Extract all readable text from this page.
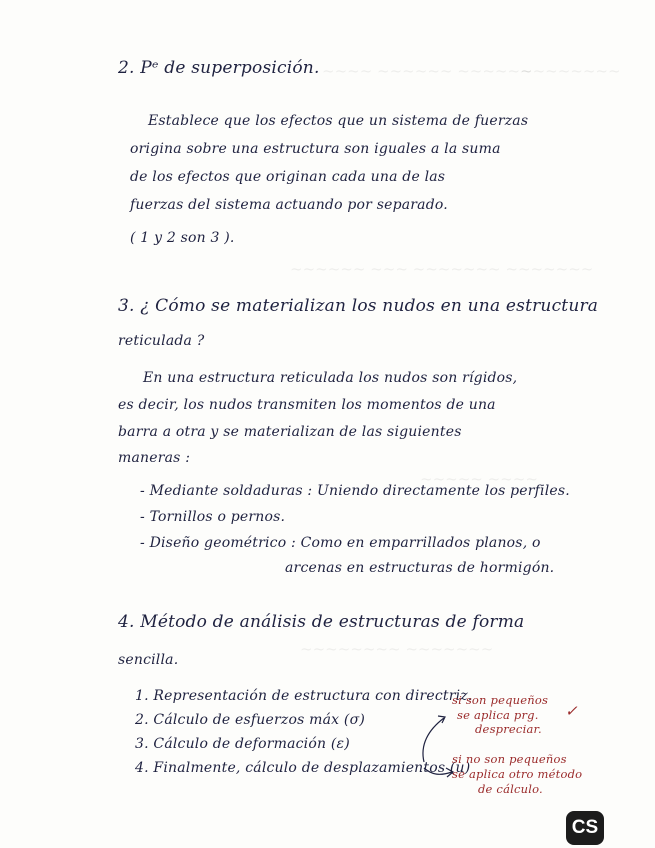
~~~~ ~~~~~~ ~~~~~~
~~~~~~~~
~~~~~~ ~~~ ~~~~~~~ ~~~~~~~
~~~~~ ~~~~
~~~~~~~~ ~~~~~~~
2. Pᵉ de superposición.
Establece que los efectos que un sistema de fuerzas
origina sobre una estructura son iguales a la suma
de los efectos que originan cada una de las
fuerzas del sistema actuando por separado.
( 1 y 2 son 3 ).
3. ¿ Cómo se materializan los nudos en una estructura
reticulada ?
En una estructura reticulada los nudos son rígidos,
es decir, los nudos transmiten los momentos de una
barra a otra y se materializan de las siguientes
maneras :
- Mediante soldaduras : Uniendo directamente los perfiles.
- Tornillos o pernos.
- Diseño geométrico : Como en emparrillados planos, o
arcenas en estructuras de hormigón.
4. Método de análisis de estructuras de forma
sencilla.
1. Representación de estructura con directriz.
2. Cálculo de esfuerzos máx (σ)
3. Cálculo de deformación (ε)
4. Finalmente, cálculo de desplazamientos (u)
si son pequeños
se aplica prg.
despreciar.
✓
si no son pequeños
se aplica otro método
de cálculo.
CS
